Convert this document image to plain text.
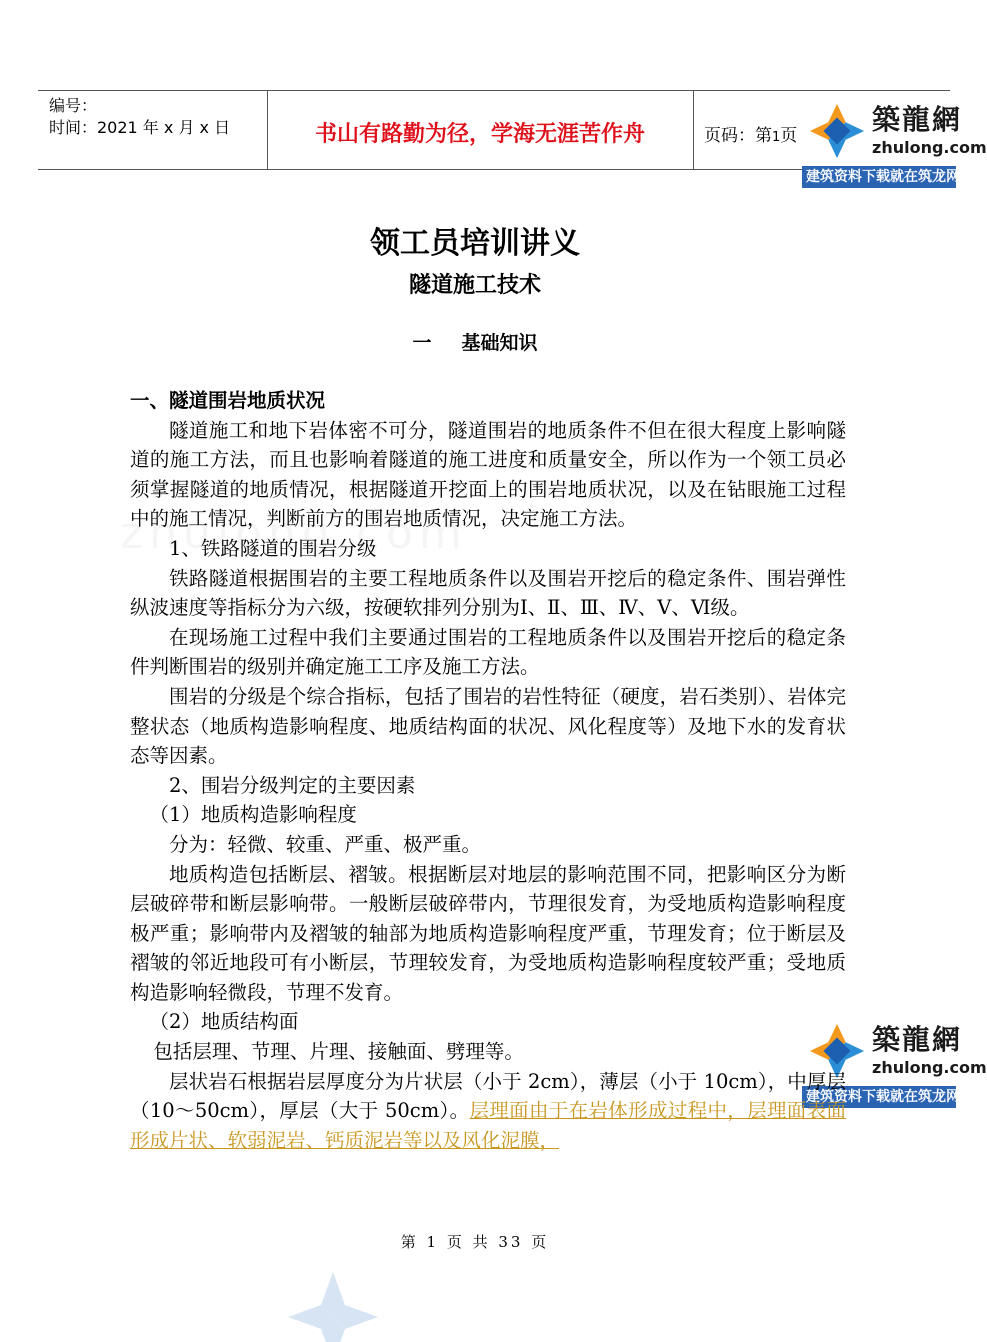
编号：
时间：2021 年 x 月 x 日	书山有路勤为径，学海无涯苦作舟	页码：第1页	築龍網
zhulong.com
建筑资料下载就在筑龙网
築龍網
zhulong.com
建筑资料下载就在筑龙网
领工员培训讲义
隧道施工技术
一 基础知识

一、隧道围岩地质状况

隧道施工和地下岩体密不可分，隧道围岩的地质条件不但在很大程度上影响隧道的施工方法，而且也影响着隧道的施工进度和质量安全，所以作为一个领工员必须掌握隧道的地质情况，根据隧道开挖面上的围岩地质状况，以及在钻眼施工过程中的施工情况，判断前方的围岩地质情况，决定施工方法。

1、铁路隧道的围岩分级

铁路隧道根据围岩的主要工程地质条件以及围岩开挖后的稳定条件、围岩弹性纵波速度等指标分为六级，按硬软排列分别为Ⅰ、Ⅱ、Ⅲ、Ⅳ、Ⅴ、Ⅵ级。

在现场施工过程中我们主要通过围岩的工程地质条件以及围岩开挖后的稳定条件判断围岩的级别并确定施工工序及施工方法。

围岩的分级是个综合指标，包括了围岩的岩性特征（硬度，岩石类别）、岩体完整状态（地质构造影响程度、地质结构面的状况、风化程度等）及地下水的发育状态等因素。

2、围岩分级判定的主要因素

（1）地质构造影响程度

分为：轻微、较重、严重、极严重。

地质构造包括断层、褶皱。根据断层对地层的影响范围不同，把影响区分为断层破碎带和断层影响带。一般断层破碎带内，节理很发育，为受地质构造影响程度极严重；影响带内及褶皱的轴部为地质构造影响程度严重，节理发育；位于断层及褶皱的邻近地段可有小断层，节理较发育，为受地质构造影响程度较严重；受地质构造影响轻微段，节理不发育。

（2）地质结构面

包括层理、节理、片理、接触面、劈理等。

层状岩石根据岩层厚度分为片状层（小于 2cm），薄层（小于 10cm），中厚层（10～50cm），厚层（大于 50cm）。层理面由于在岩体形成过程中，层理面表面形成片状、软弱泥岩、钙质泥岩等以及风化泥膜，

第 1 页 共 33 页
